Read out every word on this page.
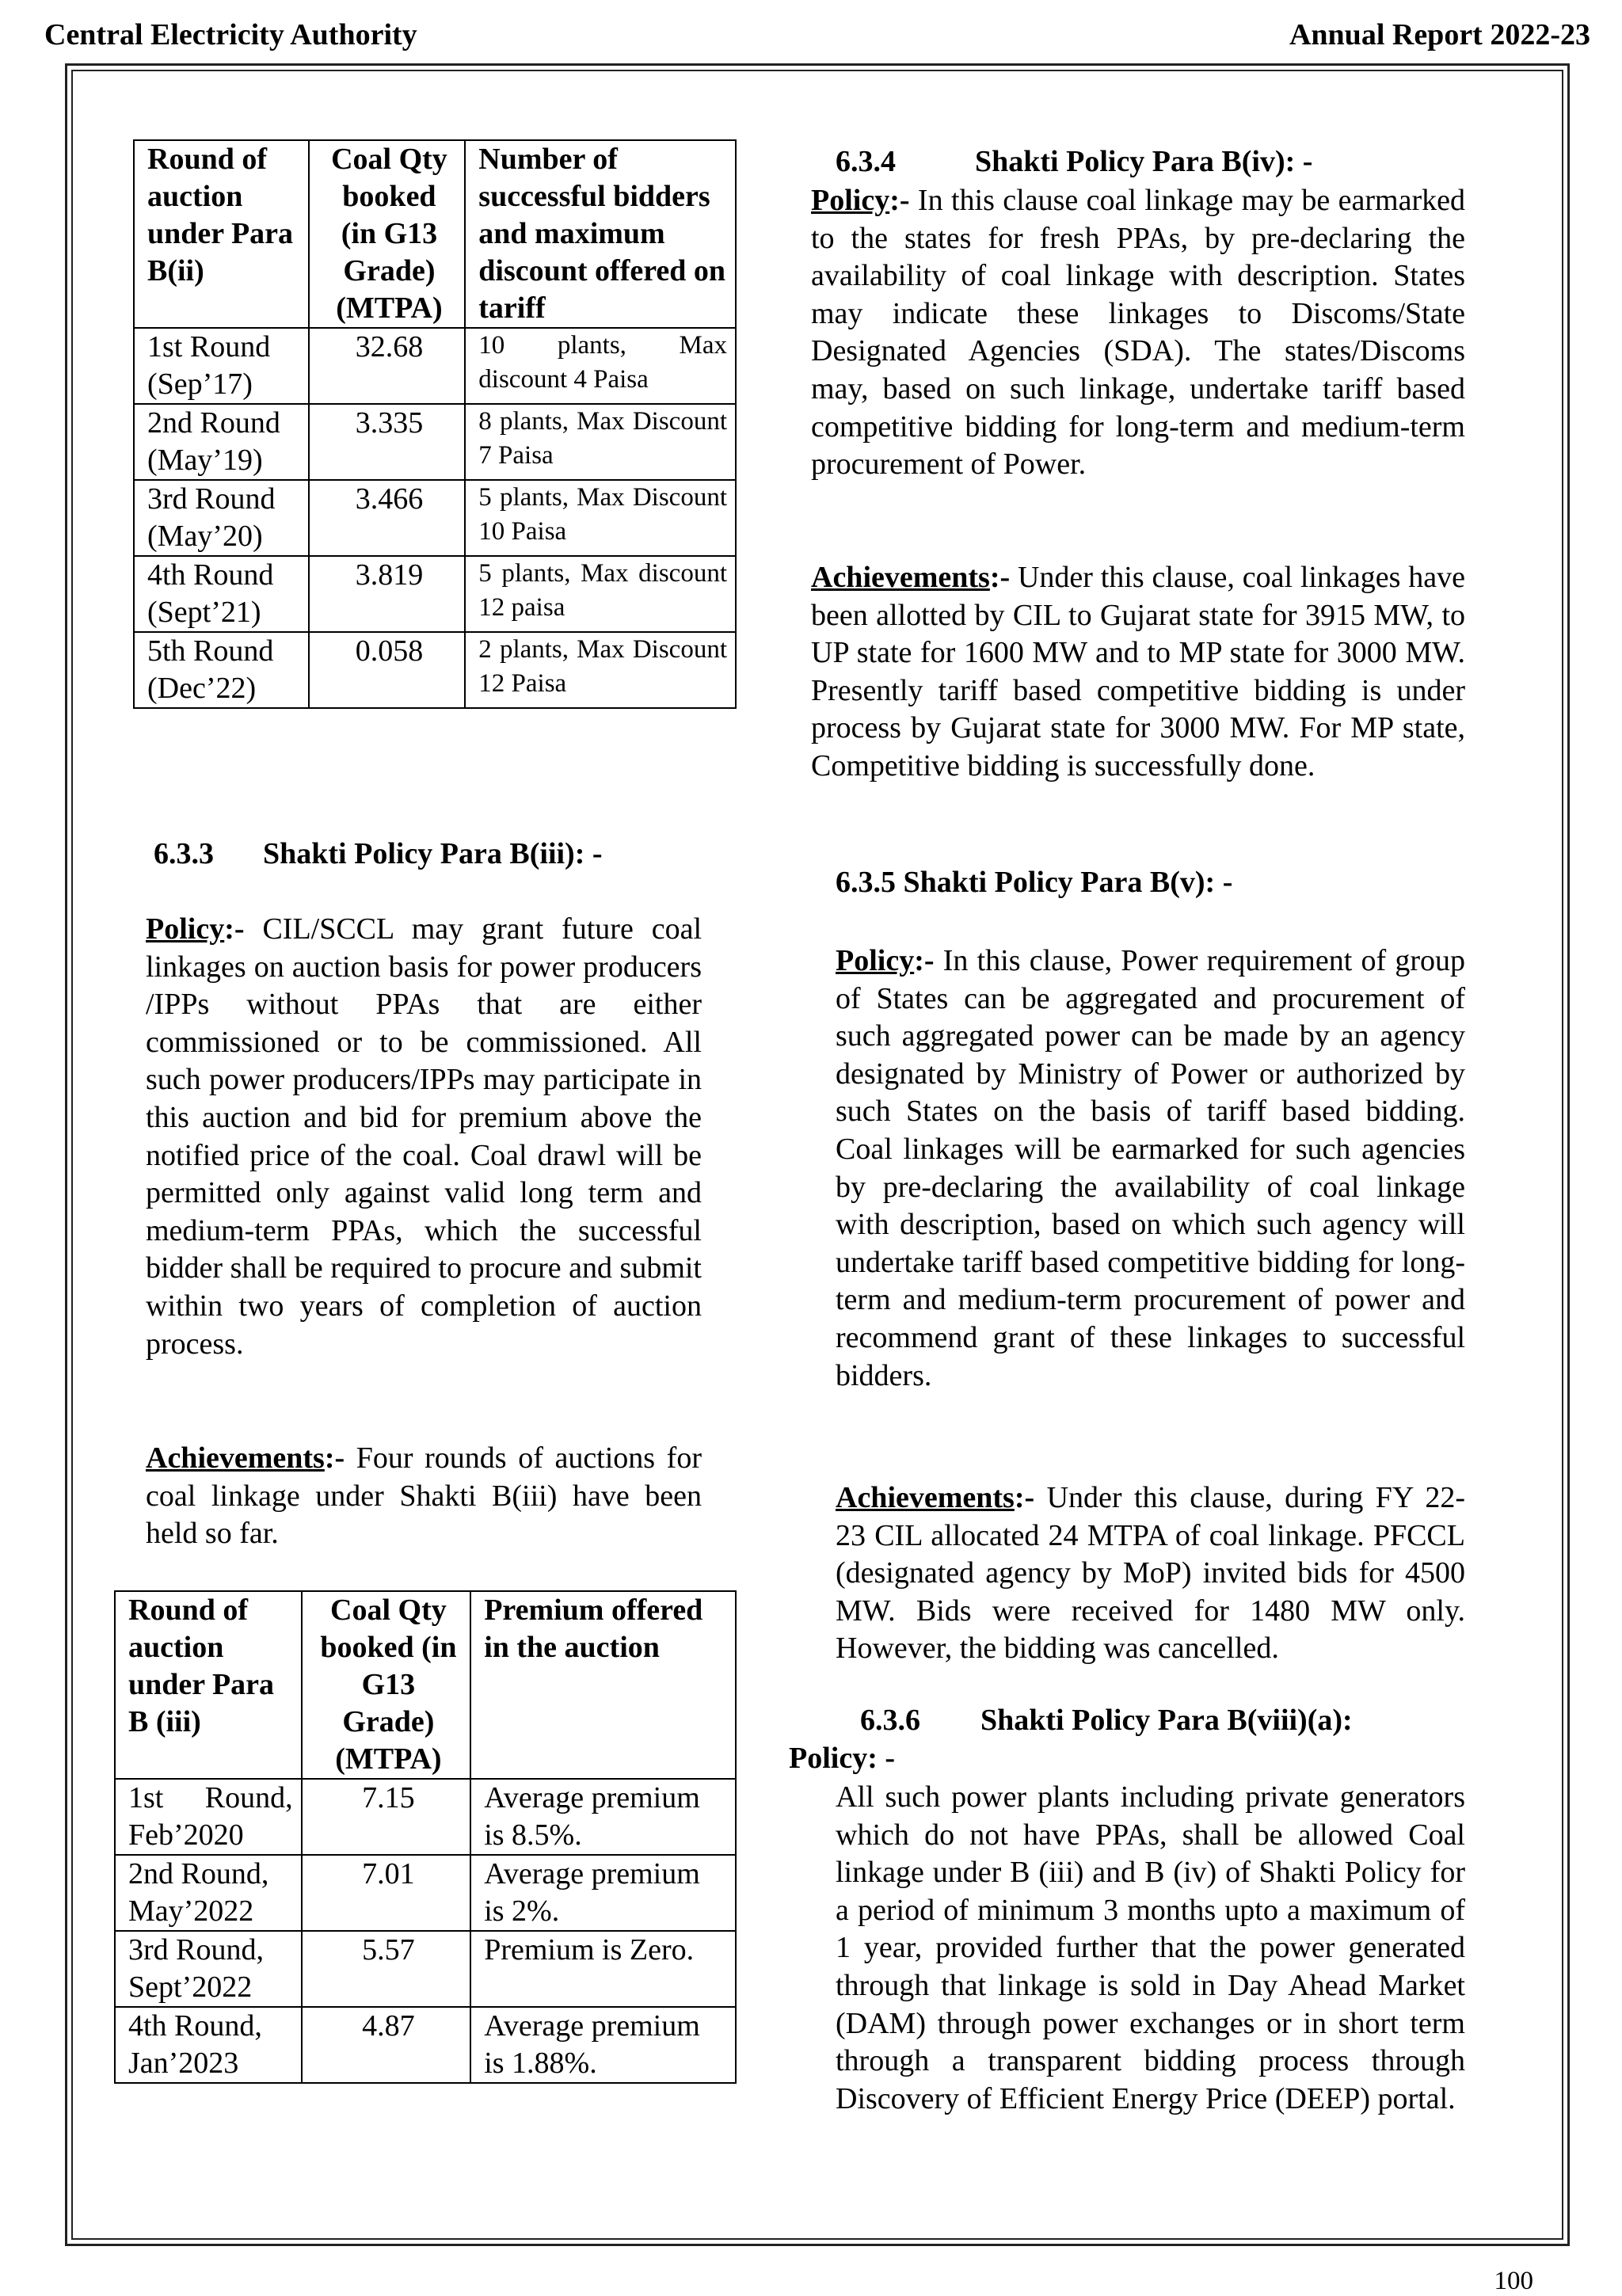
Central Electricity Authority	Annual Report 2022-23
Round of auction under Para B(ii)	Coal Qty booked (in G13 Grade) (MTPA)	Number of successful bidders and maximum discount offered on tariff
1st Round (Sep’17)	32.68	10 plants, Max discount 4 Paisa
2nd Round (May’19)	3.335	8 plants, Max Discount 7 Paisa
3rd Round (May’20)	3.466	5 plants, Max Discount 10 Paisa
4th Round (Sept’21)	3.819	5 plants, Max discount 12 paisa
5th Round (Dec’22)	0.058	2 plants, Max Discount 12 Paisa
6.3.3 Shakti Policy Para B(iii): -
Policy:- CIL/SCCL may grant future coal linkages on auction basis for power producers /IPPs without PPAs that are either commissioned or to be commissioned. All such power producers/IPPs may participate in this auction and bid for premium above the notified price of the coal. Coal drawl will be permitted only against valid long term and medium-term PPAs, which the successful bidder shall be required to procure and submit within two years of completion of auction process.
Achievements:- Four rounds of auctions for coal linkage under Shakti B(iii) have been held so far.
Round of auction under Para B (iii)	Coal Qty booked (in G13 Grade) (MTPA)	Premium offered in the auction
1st Round, Feb’2020	7.15	Average premium is 8.5%.
2nd Round, May’2022	7.01	Average premium is 2%.
3rd Round, Sept’2022	5.57	Premium is Zero.
4th Round, Jan’2023	4.87	Average premium is 1.88%.
6.3.4	Shakti Policy Para B(iv): -
Policy:- In this clause coal linkage may be earmarked to the states for fresh PPAs, by pre-declaring the availability of coal linkage with description. States may indicate these linkages to Discoms/State Designated Agencies (SDA). The states/Discoms may, based on such linkage, undertake tariff based competitive bidding for long-term and medium-term procurement of Power.
Achievements:- Under this clause, coal linkages have been allotted by CIL to Gujarat state for 3915 MW, to UP state for 1600 MW and to MP state for 3000 MW. Presently tariff based competitive bidding is under process by Gujarat state for 3000 MW. For MP state, Competitive bidding is successfully done.
6.3.5 Shakti Policy Para B(v): -
Policy:- In this clause, Power requirement of group of States can be aggregated and procurement of such aggregated power can be made by an agency designated by Ministry of Power or authorized by such States on the basis of tariff based bidding. Coal linkages will be earmarked for such agencies by pre-declaring the availability of coal linkage with description, based on which such agency will undertake tariff based competitive bidding for long-term and medium-term procurement of power and recommend grant of these linkages to successful bidders.
Achievements:- Under this clause, during FY 22-23 CIL allocated 24 MTPA of coal linkage. PFCCL (designated agency by MoP) invited bids for 4500 MW. Bids were received for 1480 MW only. However, the bidding was cancelled.
6.3.6 Shakti Policy Para B(viii)(a):
Policy: -
All such power plants including private generators which do not have PPAs, shall be allowed Coal linkage under B (iii) and B (iv) of Shakti Policy for a period of minimum 3 months upto a maximum of 1 year, provided further that the power generated through that linkage is sold in Day Ahead Market (DAM) through power exchanges or in short term through a transparent bidding process through Discovery of Efficient Energy Price (DEEP) portal.
100
